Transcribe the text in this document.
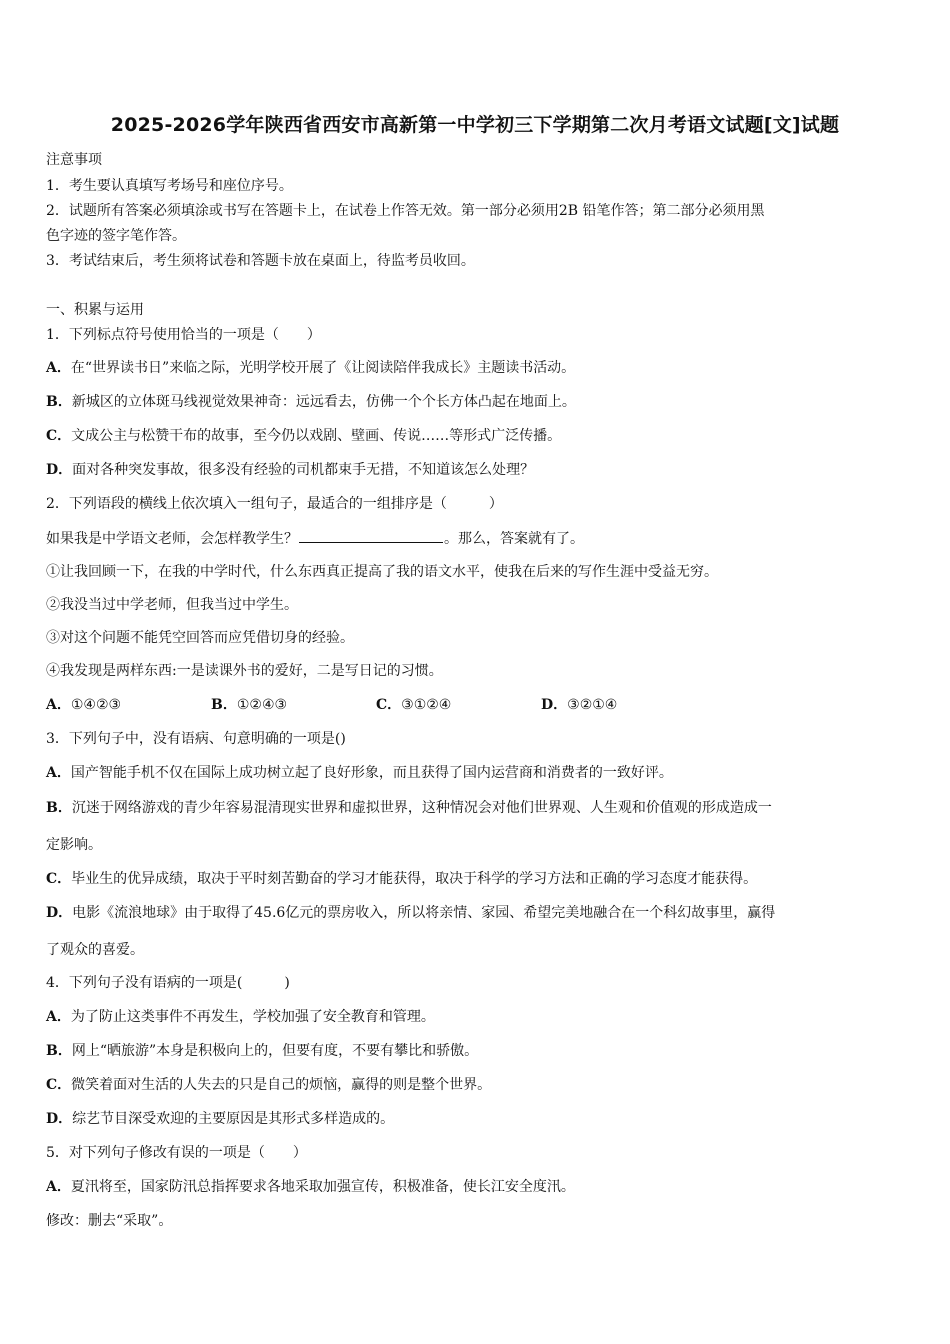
2025-2026学年陕西省西安市高新第一中学初三下学期第二次月考语文试题[文]试题
注意事项
1．考生要认真填写考场号和座位序号。
2．试题所有答案必须填涂或书写在答题卡上，在试卷上作答无效。第一部分必须用2B 铅笔作答；第二部分必须用黑
色字迹的签字笔作答。
3．考试结束后，考生须将试卷和答题卡放在桌面上，待监考员收回。
一、积累与运用
1．下列标点符号使用恰当的一项是（　　）
A．在“世界读书日”来临之际，光明学校开展了《让阅读陪伴我成长》主题读书活动。
B．新城区的立体斑马线视觉效果神奇：远远看去，仿佛一个个长方体凸起在地面上。
C．文成公主与松赞干布的故事，至今仍以戏剧、壁画、传说……等形式广泛传播。
D．面对各种突发事故，很多没有经验的司机都束手无措，不知道该怎么处理？
2．下列语段的横线上依次填入一组句子，最适合的一组排序是（　　　）
如果我是中学语文老师，会怎样教学生？	。那么，答案就有了。
①让我回顾一下，在我的中学时代，什么东西真正提高了我的语文水平，使我在后来的写作生涯中受益无穷。
②我没当过中学老师，但我当过中学生。
③对这个问题不能凭空回答而应凭借切身的经验。
④我发现是两样东西:一是读课外书的爱好，二是写日记的习惯。
A．①④②③	B．①②④③	C．③①②④	D．③②①④
3．下列句子中，没有语病、句意明确的一项是()
A．国产智能手机不仅在国际上成功树立起了良好形象，而且获得了国内运营商和消费者的一致好评。
B．沉迷于网络游戏的青少年容易混清现实世界和虚拟世界，这种情况会对他们世界观、人生观和价值观的形成造成一
定影响。
C．毕业生的优异成绩，取决于平时刻苦勤奋的学习才能获得，取决于科学的学习方法和正确的学习态度才能获得。
D．电影《流浪地球》由于取得了45.6亿元的票房收入，所以将亲情、家园、希望完美地融合在一个科幻故事里，赢得
了观众的喜爱。
4．下列句子没有语病的一项是(　　　)
A．为了防止这类事件不再发生，学校加强了安全教育和管理。
B．网上“晒旅游”本身是积极向上的，但要有度，不要有攀比和骄傲。
C．微笑着面对生活的人失去的只是自己的烦恼，赢得的则是整个世界。
D．综艺节目深受欢迎的主要原因是其形式多样造成的。
5．对下列句子修改有误的一项是（　　）
A．夏汛将至，国家防汛总指挥要求各地采取加强宣传，积极准备，使长江安全度汛。
修改：删去“采取”。
